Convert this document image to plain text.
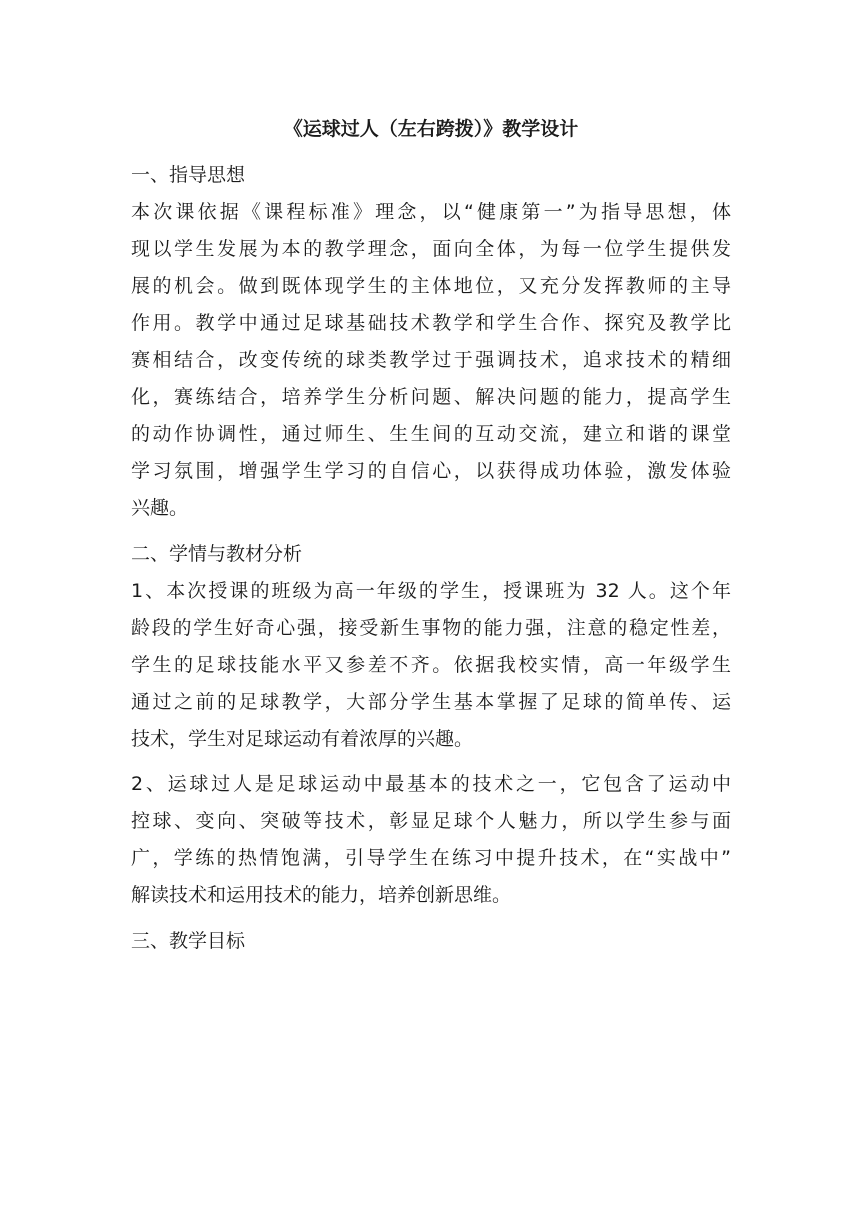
《运球过人（左右跨拨）》教学设计
一、指导思想
本次课依据《课程标准》理念，以“健康第一”为指导思想，体
现以学生发展为本的教学理念，面向全体，为每一位学生提供发
展的机会。做到既体现学生的主体地位，又充分发挥教师的主导
作用。教学中通过足球基础技术教学和学生合作、探究及教学比
赛相结合，改变传统的球类教学过于强调技术，追求技术的精细
化，赛练结合，培养学生分析问题、解决问题的能力，提高学生
的动作协调性，通过师生、生生间的互动交流，建立和谐的课堂
学习氛围，增强学生学习的自信心，以获得成功体验，激发体验
兴趣。
二、学情与教材分析
1、本次授课的班级为高一年级的学生，授课班为 32 人。这个年
龄段的学生好奇心强，接受新生事物的能力强，注意的稳定性差，
学生的足球技能水平又参差不齐。依据我校实情，高一年级学生
通过之前的足球教学，大部分学生基本掌握了足球的简单传、运
技术，学生对足球运动有着浓厚的兴趣。
2、运球过人是足球运动中最基本的技术之一，它包含了运动中
控球、变向、突破等技术，彰显足球个人魅力，所以学生参与面
广，学练的热情饱满，引导学生在练习中提升技术，在“实战中”
解读技术和运用技术的能力，培养创新思维。
三、教学目标
